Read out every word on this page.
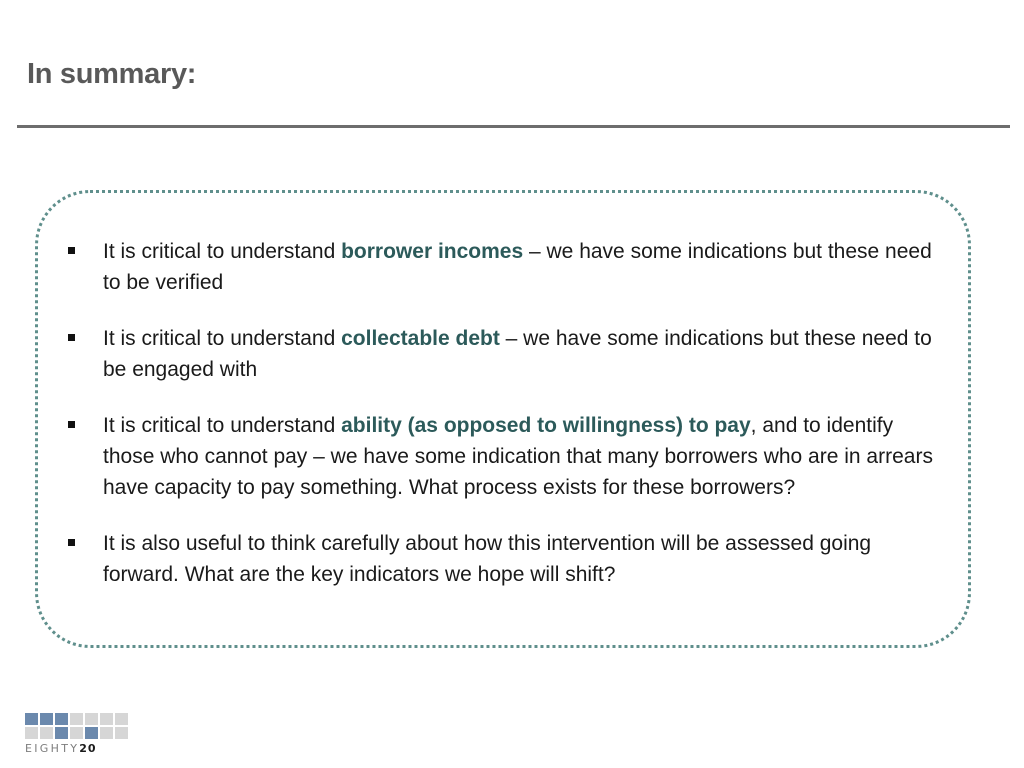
In summary:
It is critical to understand borrower incomes – we have some indications but these need to be verified
It is critical to understand collectable debt – we have some indications but these need to be engaged with
It is critical to understand ability (as opposed to willingness) to pay, and to identify those who cannot pay – we have some indication that many borrowers who are in arrears have capacity to pay something. What process exists for these borrowers?
It is also useful to think carefully about how this intervention will be assessed going forward. What are the key indicators we hope will shift?
EIGHTY20
